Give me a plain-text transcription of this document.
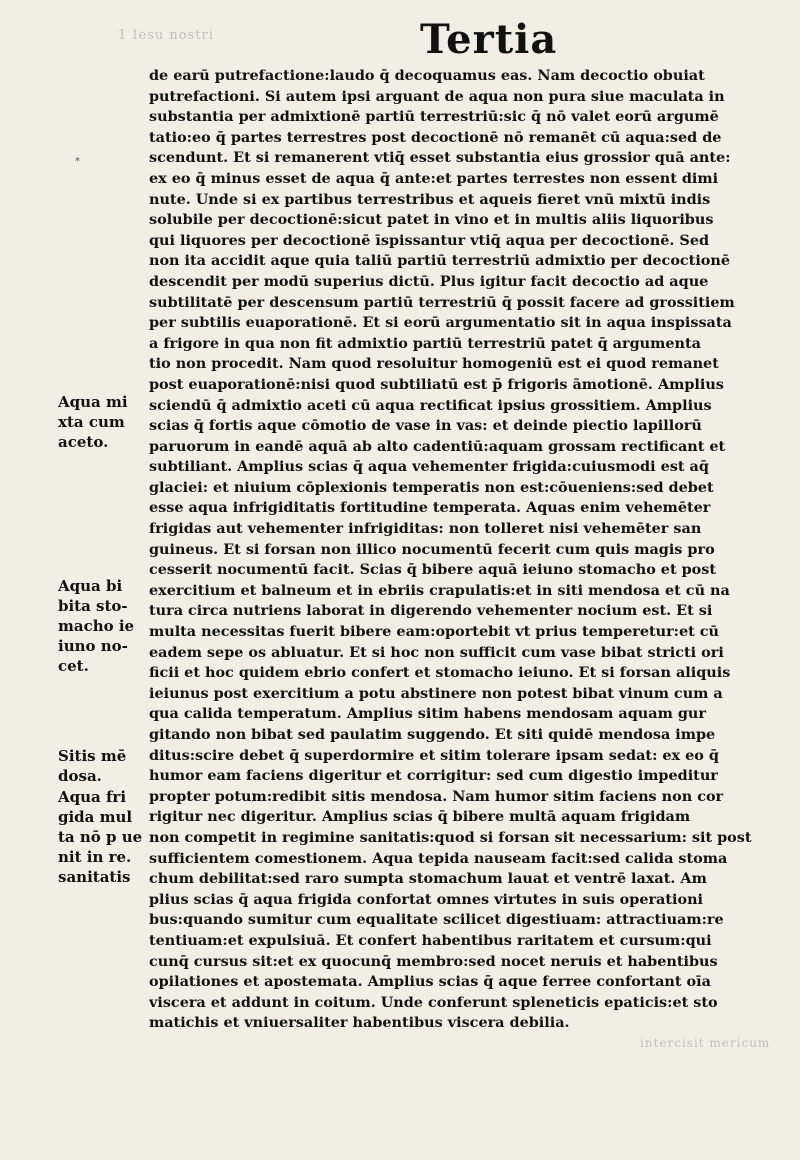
1 Iesu nostri	Tertia
*
de earū putrefactione:laudo q̄ decoquamus eas. Nam decoctio obuiat
putrefactioni. Si autem ipsi arguant de aqua non pura siue maculata in
substantia per admixtionē partiū terrestriū:sic q̄ nō valet eorū argumē
tatio:eo q̄ partes terrestres post decoctionē nō remanēt cū aqua:sed de
scendunt. Et si remanerent vtiq̄ esset substantia eius grossior quā ante:
ex eo q̄ minus esset de aqua q̄ ante:et partes terrestes non essent dimi
nute. Unde si ex partibus terrestribus et aqueis fieret vnū mixtū indis
solubile per decoctionē:sicut patet in vino et in multis aliis liquoribus
qui liquores per decoctionē īspissantur vtiq̄ aqua per decoctionē. Sed
non ita accidit aque quia taliū partiū terrestriū admixtio per decoctionē
descendit per modū superius dictū. Plus igitur facit decoctio ad aque
subtilitatē per descensum partiū terrestriū q̄ possit facere ad grossitiem
per subtilis euaporationē. Et si eorū argumentatio sit in aqua inspissata
a frigore in qua non fit admixtio partiū terrestriū patet q̄ argumenta
tio non procedit. Nam quod resoluitur homogeniū est ei quod remanet
post euaporationē:nisi quod subtiliatū est p̄ frigoris āmotionē. Amplius
sciendū q̄ admixtio aceti cū aqua rectificat ipsius grossitiem. Amplius
scias q̄ fortis aque cōmotio de vase in vas: et deinde piectio lapillorū
paruorum in eandē aquā ab alto cadentiū:aquam grossam rectificant et
subtiliant. Amplius scias q̄ aqua vehementer frigida:cuiusmodi est aq̄
glaciei: et niuium cōplexionis temperatis non est:cōueniens:sed debet
esse aqua infrigiditatis fortitudine temperata. Aquas enim vehemēter
frigidas aut vehementer infrigiditas: non tolleret nisi vehemēter san
guineus. Et si forsan non illico nocumentū fecerit cum quis magis pro
cesserit nocumentū facit. Scias q̄ bibere aquā ieiuno stomacho et post
exercitium et balneum et in ebriis crapulatis:et in siti mendosa et cū na
tura circa nutriens laborat in digerendo vehementer nocium est. Et si
multa necessitas fuerit bibere eam:oportebit vt prius temperetur:et cū
eadem sepe os abluatur. Et si hoc non sufficit cum vase bibat stricti ori
ficii et hoc quidem ebrio confert et stomacho ieiuno. Et si forsan aliquis
ieiunus post exercitium a potu abstinere non potest bibat vinum cum a
qua calida temperatum. Amplius sitim habens mendosam aquam gur
gitando non bibat sed paulatim suggendo. Et siti quidē mendosa impe
ditus:scire debet q̄ superdormire et sitim tolerare ipsam sedat: ex eo q̄
humor eam faciens digeritur et corrigitur: sed cum digestio impeditur
propter potum:redibit sitis mendosa. Nam humor sitim faciens non cor
rigitur nec digeritur. Amplius scias q̄ bibere multā aquam frigidam
non competit in regimine sanitatis:quod si forsan sit necessarium: sit post
sufficientem comestionem. Aqua tepida nauseam facit:sed calida stoma
chum debilitat:sed raro sumpta stomachum lauat et ventrē laxat. Am
plius scias q̄ aqua frigida confortat omnes virtutes in suis operationi
bus:quando sumitur cum equalitate scilicet digestiuam: attractiuam:re
tentiuam:et expulsiuā. Et confert habentibus raritatem et cursum:qui
cunq̄ cursus sit:et ex quocunq̄ membro:sed nocet neruis et habentibus
opilationes et apostemata. Amplius scias q̄ aque ferree confortant oīa
viscera et addunt in coitum. Unde conferunt spleneticis epaticis:et sto
matichis et vniuersaliter habentibus viscera debilia.
Aqua mi
xta cum
aceto.
Aqua bi
bita sto-
macho ie
iuno no-
cet.
Sitis mē
dosa.
Aqua fri
gida mul
ta nō p ue
nit in re.
sanitatis
intercisit mericum
